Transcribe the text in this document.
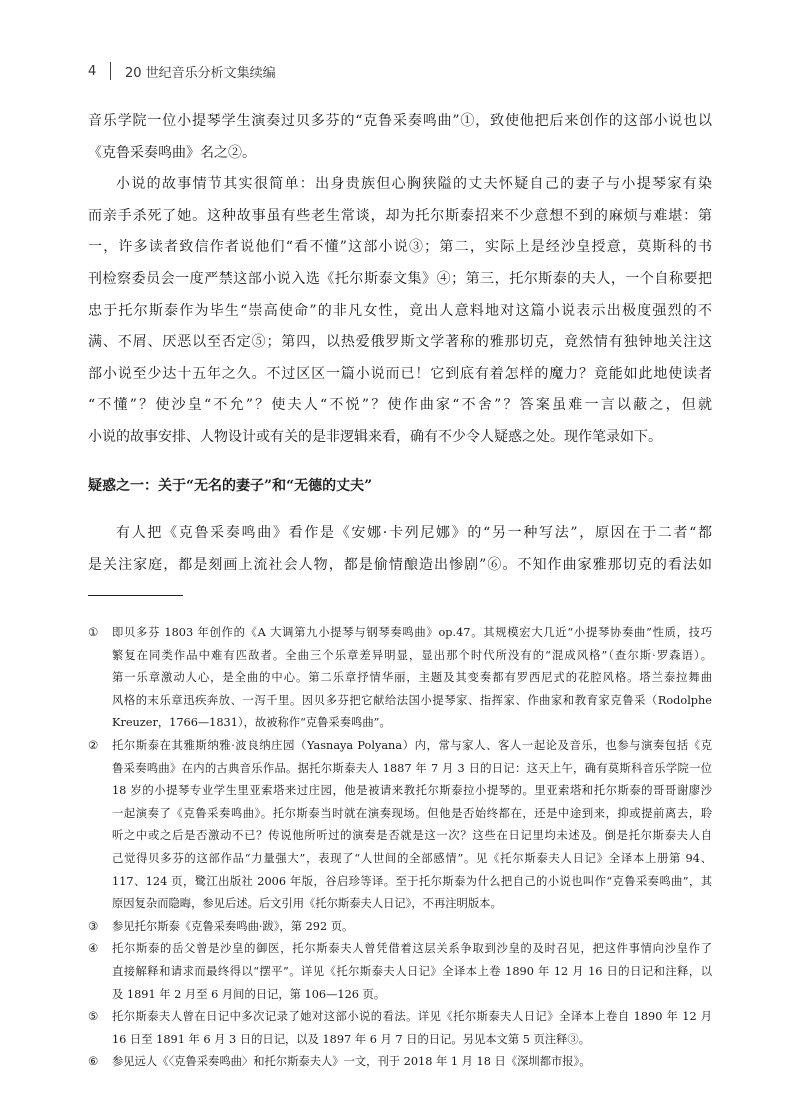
4	20 世纪音乐分析文集续编
音乐学院一位小提琴学生演奏过贝多芬的“克鲁采奏鸣曲”①，致使他把后来创作的这部小说也以
《克鲁采奏鸣曲》名之②。
小说的故事情节其实很简单：出身贵族但心胸狭隘的丈夫怀疑自己的妻子与小提琴家有染
而亲手杀死了她。这种故事虽有些老生常谈，却为托尔斯泰招来不少意想不到的麻烦与难堪：第
一，许多读者致信作者说他们“看不懂”这部小说③；第二，实际上是经沙皇授意，莫斯科的书
刊检察委员会一度严禁这部小说入选《托尔斯泰文集》④；第三，托尔斯泰的夫人，一个自称要把
忠于托尔斯泰作为毕生“崇高使命”的非凡女性，竟出人意料地对这篇小说表示出极度强烈的不
满、不屑、厌恶以至否定⑤；第四，以热爱俄罗斯文学著称的雅那切克，竟然情有独钟地关注这
部小说至少达十五年之久。不过区区一篇小说而已！它到底有着怎样的魔力？竟能如此地使读者
“不懂”？使沙皇“不允”？使夫人“不悦”？使作曲家“不舍”？答案虽难一言以蔽之，但就
小说的故事安排、人物设计或有关的是非逻辑来看，确有不少令人疑惑之处。现作笔录如下。
疑惑之一：关于“无名的妻子”和“无德的丈夫”
有人把《克鲁采奏鸣曲》看作是《安娜·卡列尼娜》的“另一种写法”，原因在于二者“都
是关注家庭，都是刻画上流社会人物，都是偷情酿造出惨剧”⑥。不知作曲家雅那切克的看法如
① 即贝多芬 1803 年创作的《A 大调第九小提琴与钢琴奏鸣曲》op.47。其规模宏大几近“小提琴协奏曲”性质，技巧
繁复在同类作品中难有匹敌者。全曲三个乐章差异明显，显出那个时代所没有的“混成风格”（查尔斯·罗森语）。
第一乐章激动人心，是全曲的中心。第二乐章抒情华丽，主题及其变奏都有罗西尼式的花腔风格。塔兰泰拉舞曲
风格的末乐章迅疾奔放、一泻千里。因贝多芬把它献给法国小提琴家、指挥家、作曲家和教育家克鲁采（Rodolphe
Kreuzer，1766—1831），故被称作“克鲁采奏鸣曲”。
② 托尔斯泰在其雅斯纳雅·波良纳庄园（Yasnaya Polyana）内，常与家人、客人一起论及音乐，也参与演奏包括《克
鲁采奏鸣曲》在内的古典音乐作品。据托尔斯泰夫人 1887 年 7 月 3 日的日记：这天上午，确有莫斯科音乐学院一位
18 岁的小提琴专业学生里亚索塔来过庄园，他是被请来教托尔斯泰拉小提琴的。里亚索塔和托尔斯泰的哥哥谢廖沙
一起演奏了《克鲁采奏鸣曲》。托尔斯泰当时就在演奏现场。但他是否始终都在，还是中途到来，抑或提前离去，聆
听之中或之后是否激动不已？传说他所听过的演奏是否就是这一次？这些在日记里均未述及。倒是托尔斯泰夫人自
己觉得贝多芬的这部作品“力量强大”，表现了“人世间的全部感情”。见《托尔斯泰夫人日记》全译本上册第 94、
117、124 页，鹭江出版社 2006 年版，谷启珍等译。至于托尔斯泰为什么把自己的小说也叫作“克鲁采奏鸣曲”，其
原因复杂而隐晦，参见后述。后文引用《托尔斯泰夫人日记》，不再注明版本。
③ 参见托尔斯泰《克鲁采奏鸣曲·跋》，第 292 页。
④ 托尔斯泰的岳父曾是沙皇的御医，托尔斯泰夫人曾凭借着这层关系争取到沙皇的及时召见，把这件事情向沙皇作了
直接解释和请求而最终得以“摆平”。详见《托尔斯泰夫人日记》全译本上卷 1890 年 12 月 16 日的日记和注释，以
及 1891 年 2 月至 6 月间的日记，第 106—126 页。
⑤ 托尔斯泰夫人曾在日记中多次记录了她对这部小说的看法。详见《托尔斯泰夫人日记》全译本上卷自 1890 年 12 月
16 日至 1891 年 6 月 3 日的日记，以及 1897 年 6 月 7 日的日记。另见本文第 5 页注释③。
⑥ 参见远人《〈克鲁采奏鸣曲〉和托尔斯泰夫人》一文，刊于 2018 年 1 月 18 日《深圳都市报》。
